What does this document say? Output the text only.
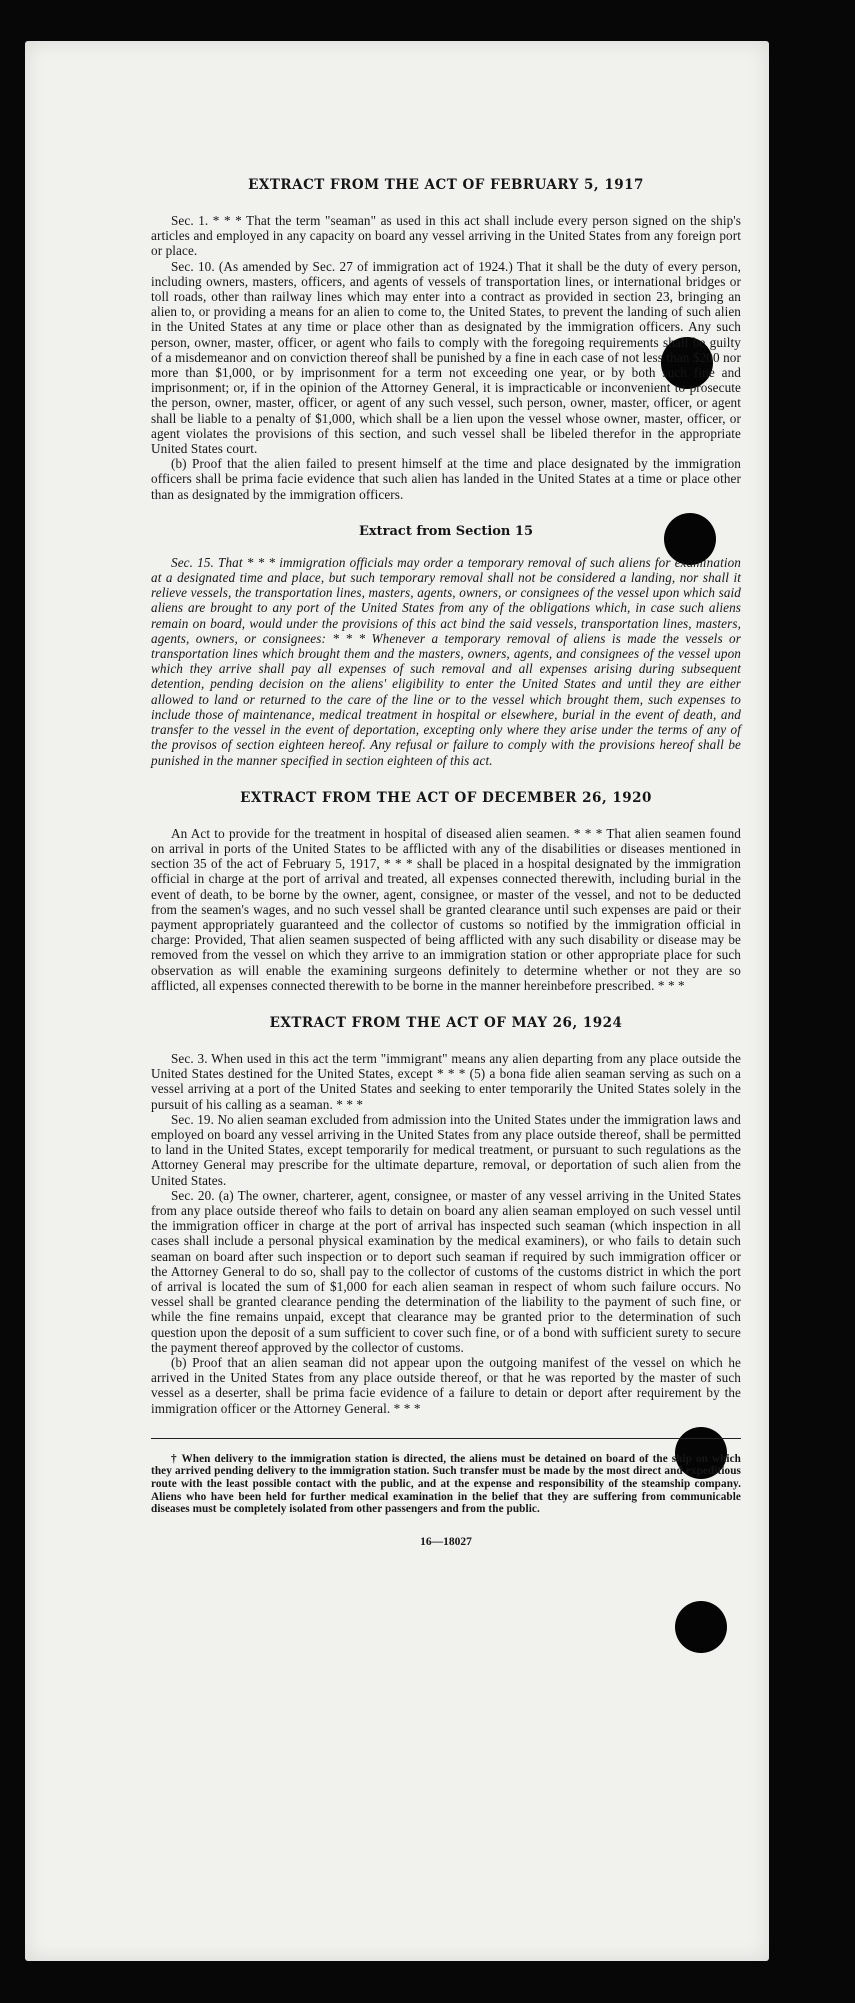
EXTRACT FROM THE ACT OF FEBRUARY 5, 1917

Sec. 1. * * * That the term "seaman" as used in this act shall include every person signed on the ship's articles and employed in any capacity on board any vessel arriving in the United States from any foreign port or place.

Sec. 10. (As amended by Sec. 27 of immigration act of 1924.) That it shall be the duty of every person, including owners, masters, officers, and agents of vessels of transportation lines, or international bridges or toll roads, other than railway lines which may enter into a contract as provided in section 23, bringing an alien to, or providing a means for an alien to come to, the United States, to prevent the landing of such alien in the United States at any time or place other than as designated by the immigration officers. Any such person, owner, master, officer, or agent who fails to comply with the foregoing requirements shall be guilty of a misdemeanor and on conviction thereof shall be punished by a fine in each case of not less than $200 nor more than $1,000, or by imprisonment for a term not exceeding one year, or by both such fine and imprisonment; or, if in the opinion of the Attorney General, it is impracticable or inconvenient to prosecute the person, owner, master, officer, or agent of any such vessel, such person, owner, master, officer, or agent shall be liable to a penalty of $1,000, which shall be a lien upon the vessel whose owner, master, officer, or agent violates the provisions of this section, and such vessel shall be libeled therefor in the appropriate United States court.

(b) Proof that the alien failed to present himself at the time and place designated by the immigration officers shall be prima facie evidence that such alien has landed in the United States at a time or place other than as designated by the immigration officers.

Extract from Section 15

Sec. 15. That * * * immigration officials may order a temporary removal of such aliens for examination at a designated time and place, but such temporary removal shall not be considered a landing, nor shall it relieve vessels, the transportation lines, masters, agents, owners, or consignees of the vessel upon which said aliens are brought to any port of the United States from any of the obligations which, in case such aliens remain on board, would under the provisions of this act bind the said vessels, transportation lines, masters, agents, owners, or consignees: * * * Whenever a temporary removal of aliens is made the vessels or transportation lines which brought them and the masters, owners, agents, and consignees of the vessel upon which they arrive shall pay all expenses of such removal and all expenses arising during subsequent detention, pending decision on the aliens' eligibility to enter the United States and until they are either allowed to land or returned to the care of the line or to the vessel which brought them, such expenses to include those of maintenance, medical treatment in hospital or elsewhere, burial in the event of death, and transfer to the vessel in the event of deportation, excepting only where they arise under the terms of any of the provisos of section eighteen hereof. Any refusal or failure to comply with the provisions hereof shall be punished in the manner specified in section eighteen of this act.

EXTRACT FROM THE ACT OF DECEMBER 26, 1920

An Act to provide for the treatment in hospital of diseased alien seamen. * * * That alien seamen found on arrival in ports of the United States to be afflicted with any of the disabilities or diseases mentioned in section 35 of the act of February 5, 1917, * * * shall be placed in a hospital designated by the immigration official in charge at the port of arrival and treated, all expenses connected therewith, including burial in the event of death, to be borne by the owner, agent, consignee, or master of the vessel, and not to be deducted from the seamen's wages, and no such vessel shall be granted clearance until such expenses are paid or their payment appropriately guaranteed and the collector of customs so notified by the immigration official in charge: Provided, That alien seamen suspected of being afflicted with any such disability or disease may be removed from the vessel on which they arrive to an immigration station or other appropriate place for such observation as will enable the examining surgeons definitely to determine whether or not they are so afflicted, all expenses connected therewith to be borne in the manner hereinbefore prescribed. * * *

EXTRACT FROM THE ACT OF MAY 26, 1924

Sec. 3. When used in this act the term "immigrant" means any alien departing from any place outside the United States destined for the United States, except * * * (5) a bona fide alien seaman serving as such on a vessel arriving at a port of the United States and seeking to enter temporarily the United States solely in the pursuit of his calling as a seaman. * * *

Sec. 19. No alien seaman excluded from admission into the United States under the immigration laws and employed on board any vessel arriving in the United States from any place outside thereof, shall be permitted to land in the United States, except temporarily for medical treatment, or pursuant to such regulations as the Attorney General may prescribe for the ultimate departure, removal, or deportation of such alien from the United States.

Sec. 20. (a) The owner, charterer, agent, consignee, or master of any vessel arriving in the United States from any place outside thereof who fails to detain on board any alien seaman employed on such vessel until the immigration officer in charge at the port of arrival has inspected such seaman (which inspection in all cases shall include a personal physical examination by the medical examiners), or who fails to detain such seaman on board after such inspection or to deport such seaman if required by such immigration officer or the Attorney General to do so, shall pay to the collector of customs of the customs district in which the port of arrival is located the sum of $1,000 for each alien seaman in respect of whom such failure occurs. No vessel shall be granted clearance pending the determination of the liability to the payment of such fine, or while the fine remains unpaid, except that clearance may be granted prior to the determination of such question upon the deposit of a sum sufficient to cover such fine, or of a bond with sufficient surety to secure the payment thereof approved by the collector of customs.

(b) Proof that an alien seaman did not appear upon the outgoing manifest of the vessel on which he arrived in the United States from any place outside thereof, or that he was reported by the master of such vessel as a deserter, shall be prima facie evidence of a failure to detain or deport after requirement by the immigration officer or the Attorney General. * * *

† When delivery to the immigration station is directed, the aliens must be detained on board of the ship on which they arrived pending delivery to the immigration station. Such transfer must be made by the most direct and expeditious route with the least possible contact with the public, and at the expense and responsibility of the steamship company. Aliens who have been held for further medical examination in the belief that they are suffering from communicable diseases must be completely isolated from other passengers and from the public.

16—18027
